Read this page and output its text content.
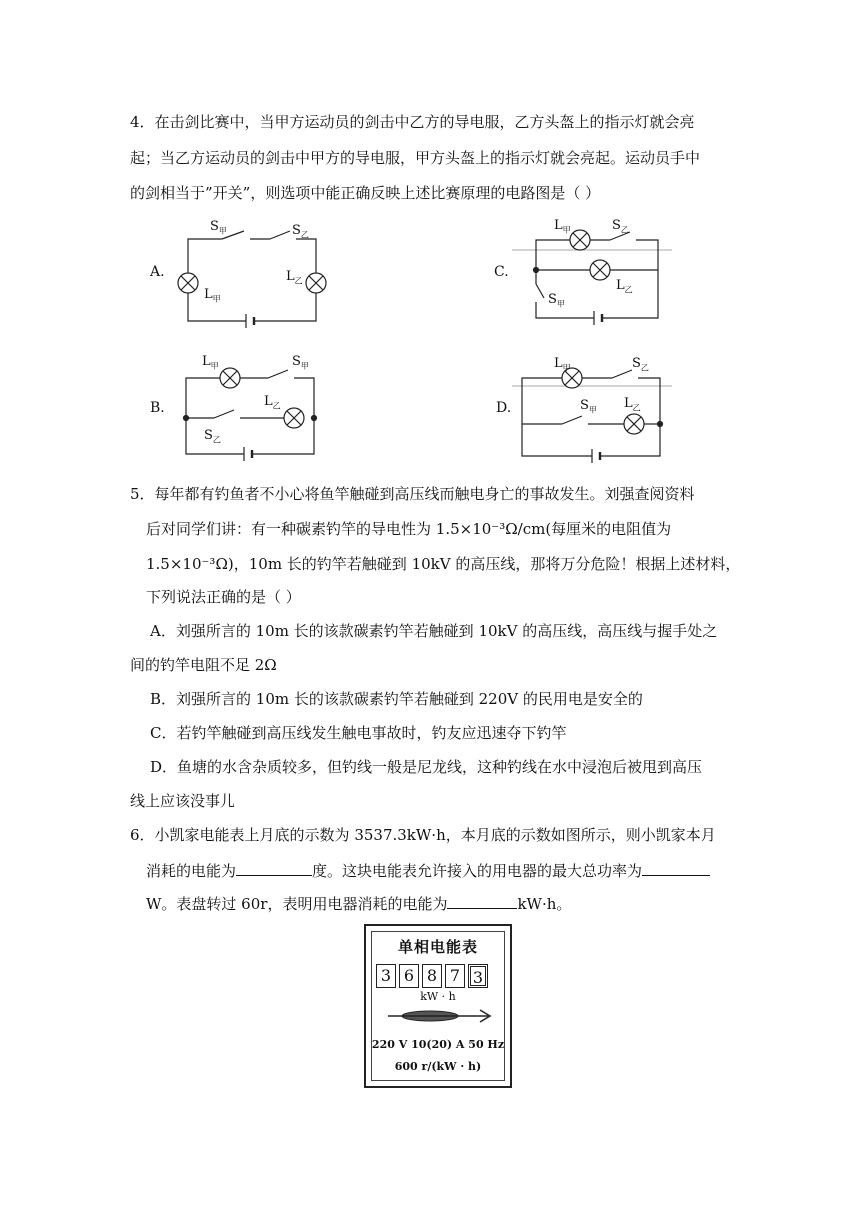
4．在击剑比赛中，当甲方运动员的剑击中乙方的导电服，乙方头盔上的指示灯就会亮
起；当乙方运动员的剑击中甲方的导电服，甲方头盔上的指示灯就会亮起。运动员手中
的剑相当于”开关”，则选项中能正确反映上述比赛原理的电路图是（ ）
A.
$S_甲$	$S_乙$
$L_甲$
$L_乙$
C.
$L_甲$	$S_乙$
$L_乙$
$S_甲$
B.
$L_甲$	$S_甲$
$L_乙$
$S_乙$
D.
$L_甲$	$S_乙$
$S_甲$ $L_乙$
5．每年都有钓鱼者不小心将鱼竿触碰到高压线而触电身亡的事故发生。刘强查阅资料
后对同学们讲：有一种碳素钓竿的导电性为 1.5×10⁻³Ω/cm(每厘米的电阻值为
1.5×10⁻³Ω)，10m 长的钓竿若触碰到 10kV 的高压线，那将万分危险！根据上述材料，
下列说法正确的是（ ）
A．刘强所言的 10m 长的该款碳素钓竿若触碰到 10kV 的高压线，高压线与握手处之
间的钓竿电阻不足 2Ω
B．刘强所言的 10m 长的该款碳素钓竿若触碰到 220V 的民用电是安全的
C．若钓竿触碰到高压线发生触电事故时，钓友应迅速夺下钓竿
D．鱼塘的水含杂质较多，但钓线一般是尼龙线，这种钓线在水中浸泡后被甩到高压
线上应该没事儿
6．小凯家电能表上月底的示数为 3537.3kW·h，本月底的示数如图所示，则小凯家本月
消耗的电能为	度。这块电能表允许接入的用电器的最大总功率为
W。表盘转过 60r，表明用电器消耗的电能为	kW·h。
单相电能表
3 6 8 7 3
kW · h
220 V 10(20) A 50 Hz
600 r/(kW · h)
